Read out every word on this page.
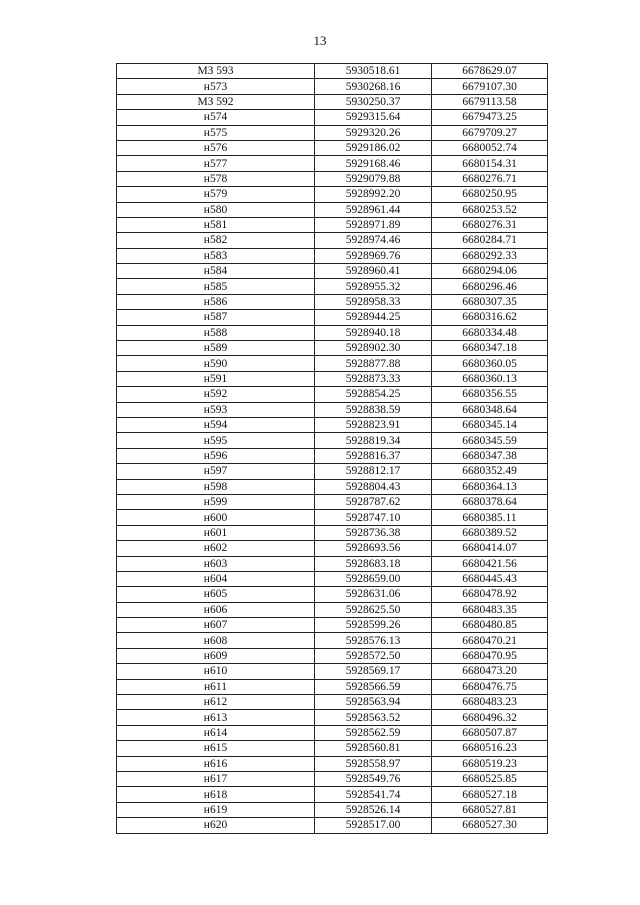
13
МЗ 593	5930518.61	6678629.07
н573	5930268.16	6679107.30
МЗ 592	5930250.37	6679113.58
н574	5929315.64	6679473.25
н575	5929320.26	6679709.27
н576	5929186.02	6680052.74
н577	5929168.46	6680154.31
н578	5929079.88	6680276.71
н579	5928992.20	6680250.95
н580	5928961.44	6680253.52
н581	5928971.89	6680276.31
н582	5928974.46	6680284.71
н583	5928969.76	6680292.33
н584	5928960.41	6680294.06
н585	5928955.32	6680296.46
н586	5928958.33	6680307.35
н587	5928944.25	6680316.62
н588	5928940.18	6680334.48
н589	5928902.30	6680347.18
н590	5928877.88	6680360.05
н591	5928873.33	6680360.13
н592	5928854.25	6680356.55
н593	5928838.59	6680348.64
н594	5928823.91	6680345.14
н595	5928819.34	6680345.59
н596	5928816.37	6680347.38
н597	5928812.17	6680352.49
н598	5928804.43	6680364.13
н599	5928787.62	6680378.64
н600	5928747.10	6680385.11
н601	5928736.38	6680389.52
н602	5928693.56	6680414.07
н603	5928683.18	6680421.56
н604	5928659.00	6680445.43
н605	5928631.06	6680478.92
н606	5928625.50	6680483.35
н607	5928599.26	6680480.85
н608	5928576.13	6680470.21
н609	5928572.50	6680470.95
н610	5928569.17	6680473.20
н611	5928566.59	6680476.75
н612	5928563.94	6680483.23
н613	5928563.52	6680496.32
н614	5928562.59	6680507.87
н615	5928560.81	6680516.23
н616	5928558.97	6680519.23
н617	5928549.76	6680525.85
н618	5928541.74	6680527.18
н619	5928526.14	6680527.81
н620	5928517.00	6680527.30
